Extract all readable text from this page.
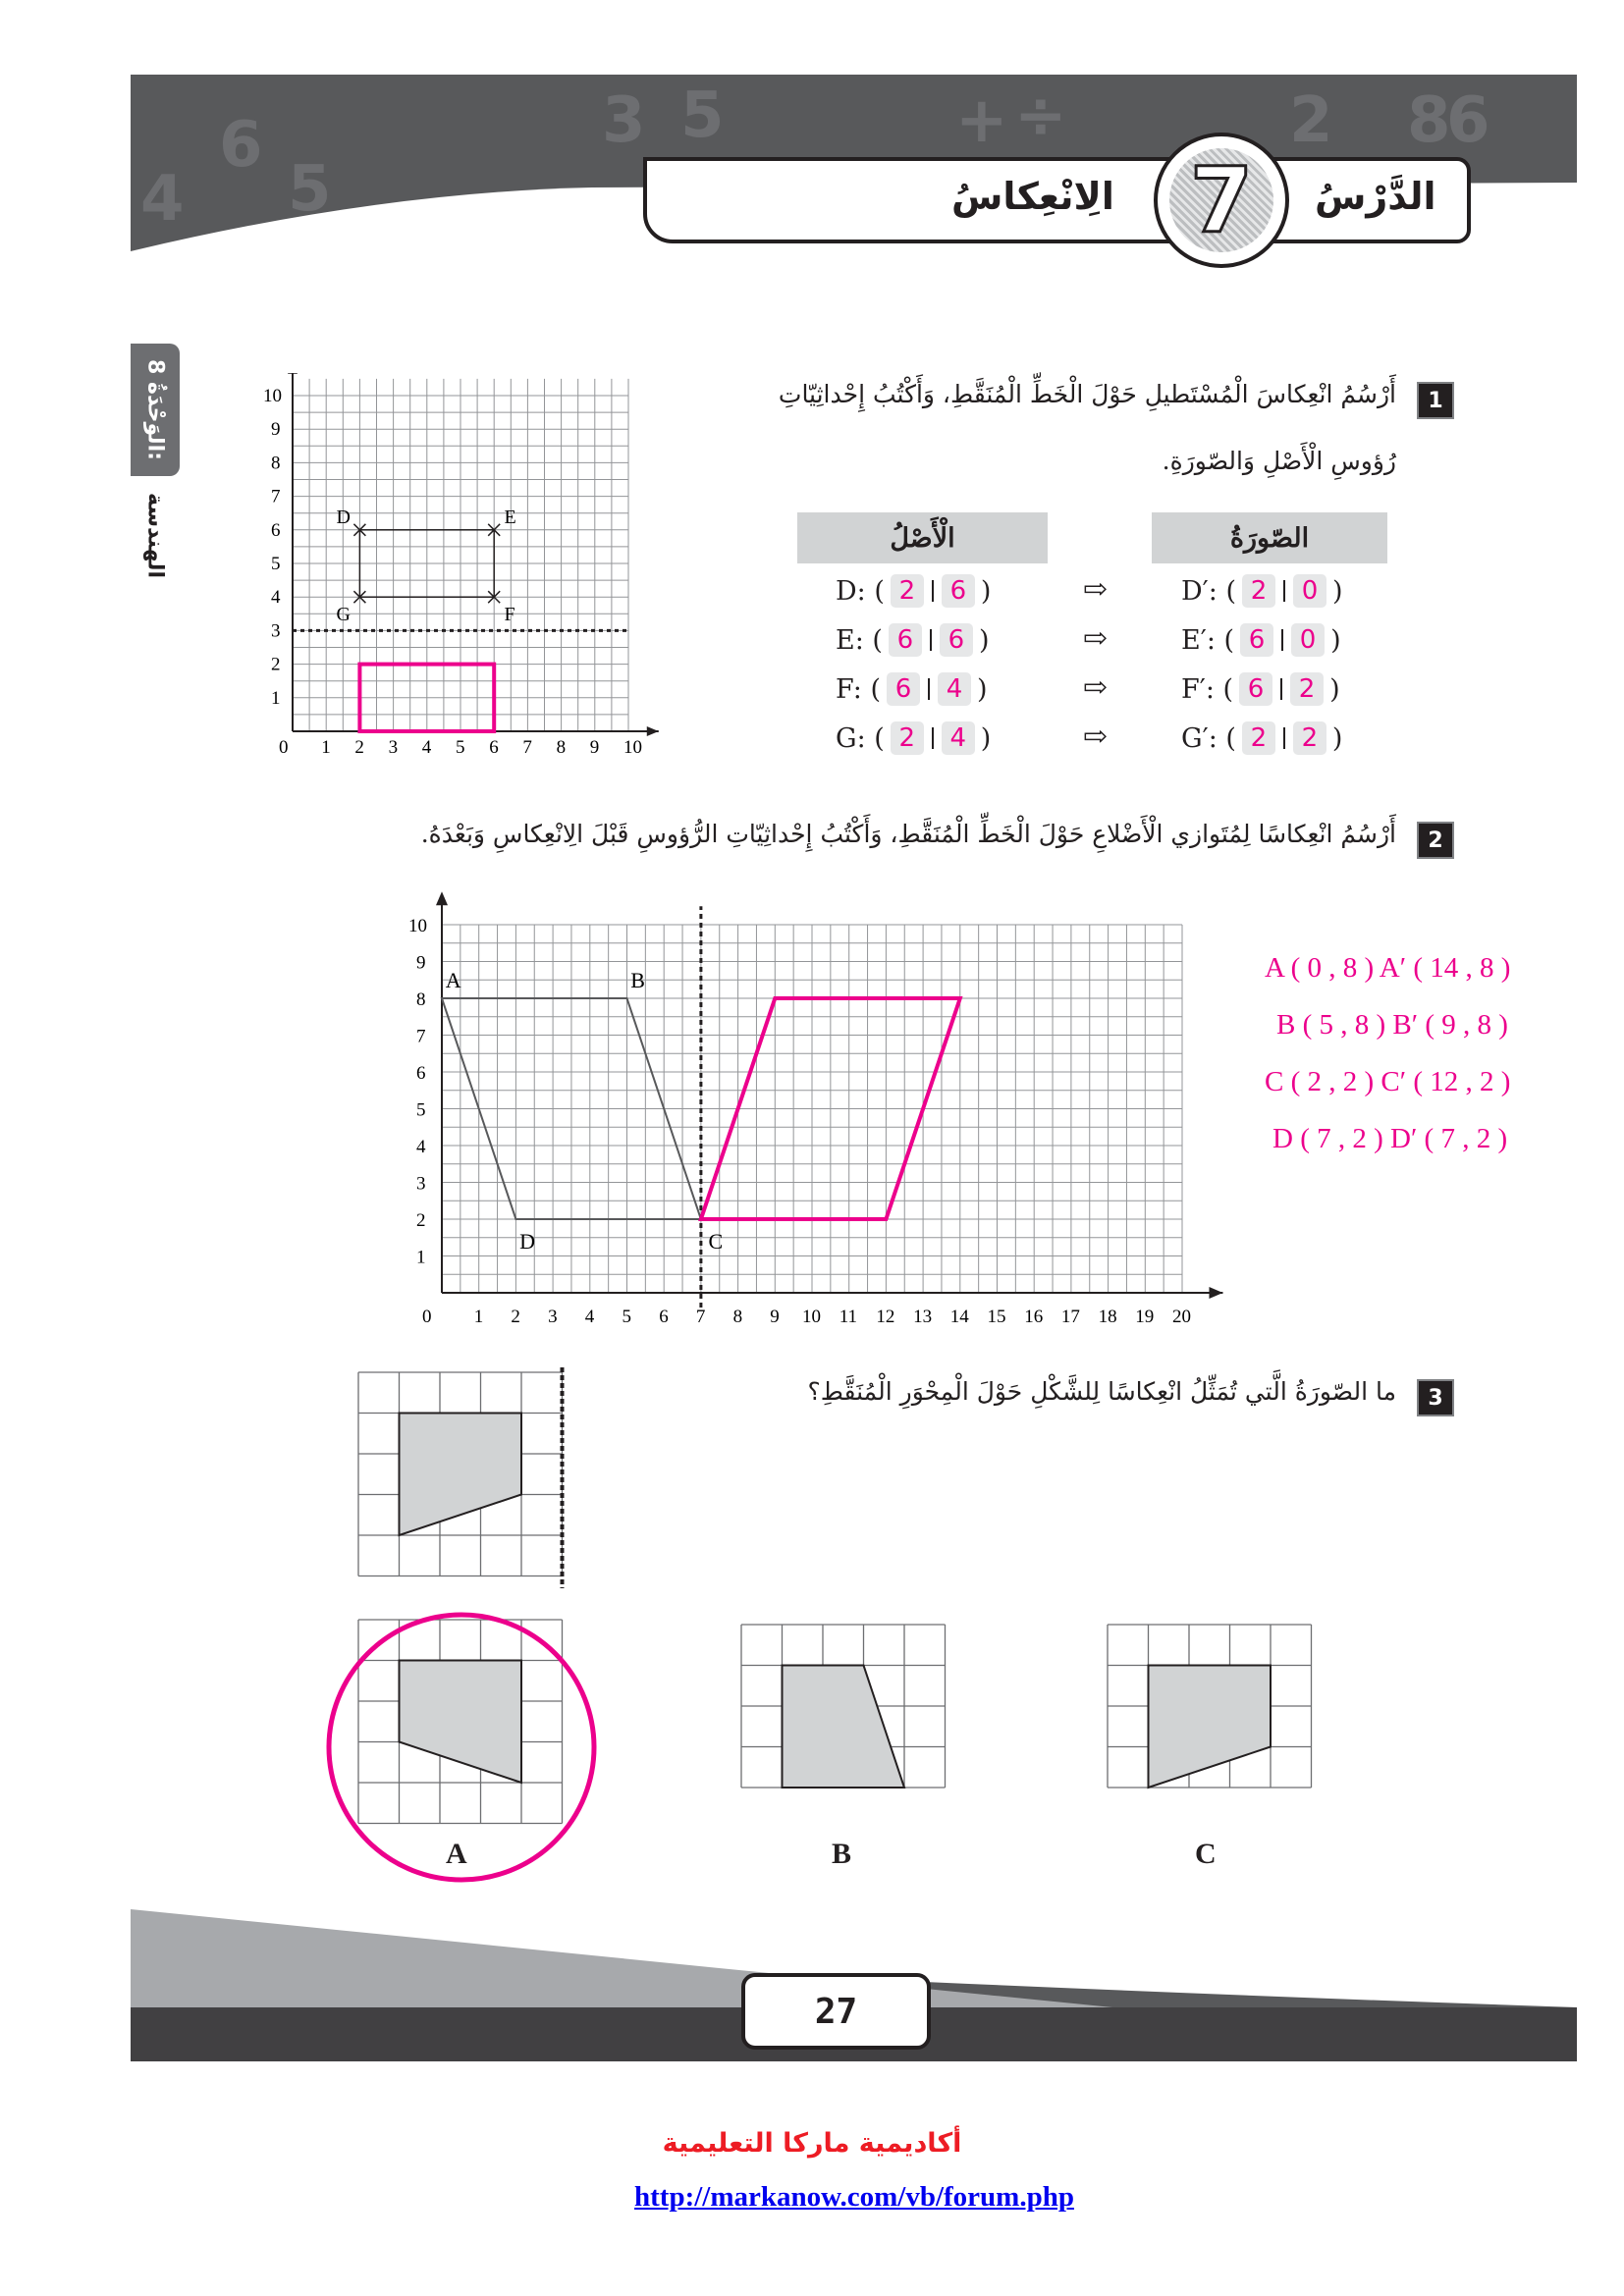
4
6
5
3 5	+ ÷	2 8
6
الِانْعِكاسُ	الدَّرْسُ
7
الوَحْدَةُ 8:
الهندسة
1
أَرْسُمُ انْعِكاسَ الْمُسْتَطيلِ حَوْلَ الْخَطِّ الْمُنَقَّطِ، وَأَكْتُبُ إِحْداثِيّاتِ
رُؤوسِ الْأَصْلِ وَالصّورَةِ.
الْأَصْلُ	الصّورَةُ
D: ( 2	6 )	⇨	D′: ( 2	0 )
E: ( 6	6 )	⇨	E′: ( 6	0 )
F: ( 6	4 )	⇨	F′: ( 6	2 )
G: ( 2	4 )	⇨	G′: ( 2	2 )
0 1 2 3 4 5 6 7 8 9 10
1
2
3
4
5
6
7
8
9
10
D	E
F
G
2
أَرْسُمُ انْعِكاسًا لِمُتَوازي الْأَضْلاعِ حَوْلَ الْخَطِّ الْمُنَقَّطِ، وَأَكْتُبُ إِحْداثِيّاتِ الرُّؤوسِ قَبْلَ الِانْعِكاسِ وَبَعْدَهُ.
0 1 2 3 4 5 6 7 8 9 10 11 12 13 14 15 16 17 18 19 20
1
2
3
4
5
6
7
8
9
10
A	B
C
D
A ( 0 , 8 ) A′ ( 14 , 8 )
B ( 5 , 8 ) B′ ( 9 , 8 )
C ( 2 , 2 ) C′ ( 12 , 2 )
D ( 7 , 2 ) D′ ( 7 , 2 )
3
ما الصّورَةُ الَّتي تُمَثِّلُ انْعِكاسًا لِلشَّكْلِ حَوْلَ الْمِحْوَرِ الْمُنَقَّطِ؟
A	B	C
27
أكاديمية ماركا التعليمية
http://markanow.com/vb/forum.php
